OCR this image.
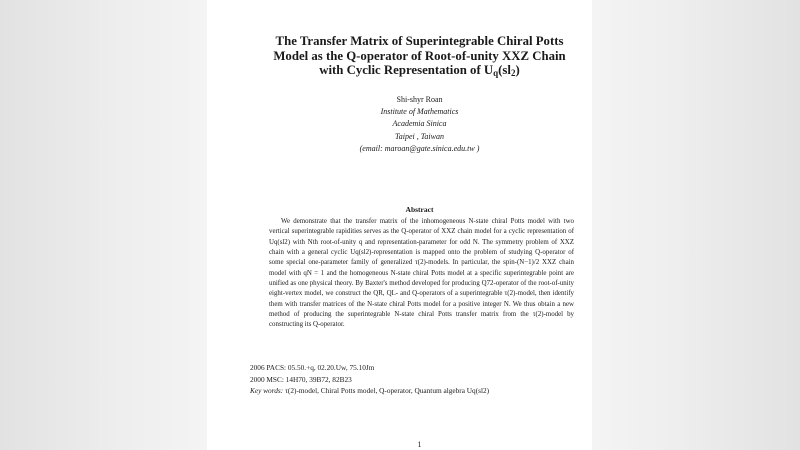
The Transfer Matrix of Superintegrable Chiral Potts
Model as the Q-operator of Root-of-unity XXZ Chain
with Cyclic Representation of Uq(sl2)
Shi-shyr Roan
Institute of Mathematics
Academia Sinica
Taipei , Taiwan
(email: maroan@gate.sinica.edu.tw )
Abstract

We demonstrate that the transfer matrix of the inhomogeneous N-state chiral Potts model with two vertical superintegrable rapidities serves as the Q-operator of XXZ chain model for a cyclic representation of Uq(sl2) with Nth root-of-unity q and representation-parameter for odd N. The symmetry problem of XXZ chain with a general cyclic Uq(sl2)-representation is mapped onto the problem of studying Q-operator of some special one-parameter family of generalized τ(2)-models. In particular, the spin-(N−1)/2 XXZ chain model with qN = 1 and the homogeneous N-state chiral Potts model at a specific superintegrable point are unified as one physical theory. By Baxter's method developed for producing Q72-operator of the root-of-unity eight-vertex model, we construct the QR, QL- and Q-operators of a superintegrable τ(2)-model, then identify them with transfer matrices of the N-state chiral Potts model for a positive integer N. We thus obtain a new method of producing the superintegrable N-state chiral Potts transfer matrix from the τ(2)-model by constructing its Q-operator.

2006 PACS: 05.50.+q, 02.20.Uw, 75.10Jm
2000 MSC: 14H70, 39B72, 82B23
Key words: τ(2)-model, Chiral Potts model, Q-operator, Quantum algebra Uq(sl2)
1
